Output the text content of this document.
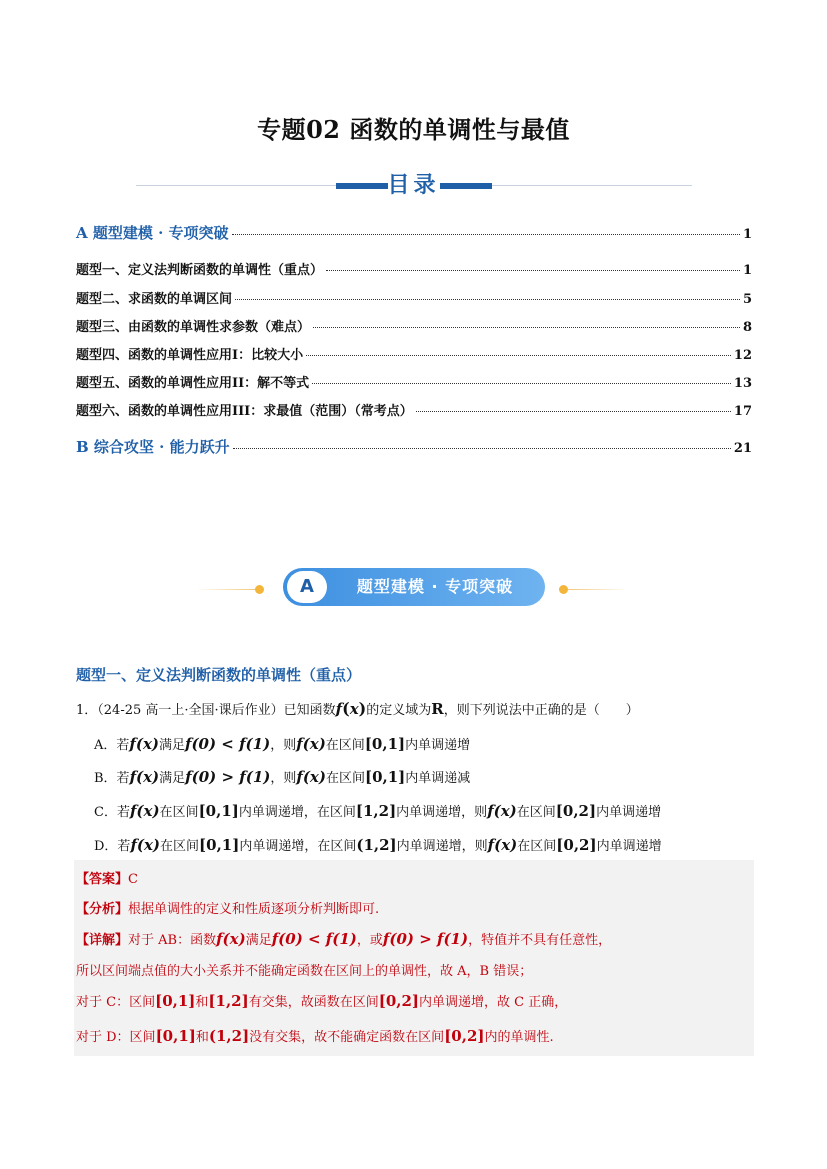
专题02 函数的单调性与最值
目录
A 题型建模 · 专项突破	1
题型一、定义法判断函数的单调性（重点）	1
题型二、求函数的单调区间	5
题型三、由函数的单调性求参数（难点）	8
题型四、函数的单调性应用I：比较大小	12
题型五、函数的单调性应用II：解不等式	13
题型六、函数的单调性应用III：求最值（范围）（常考点）	17
B 综合攻坚 · 能力跃升	21
A	题型建模 · 专项突破
题型一、定义法判断函数的单调性（重点）
1．（24-25 高一上·全国·课后作业）已知函数f(x)的定义域为R，则下列说法中正确的是（　　）
A．若f(x)满足f(0) < f(1)，则f(x)在区间[0,1]内单调递增
B．若f(x)满足f(0) > f(1)，则f(x)在区间[0,1]内单调递减
C．若f(x)在区间[0,1]内单调递增，在区间[1,2]内单调递增，则f(x)在区间[0,2]内单调递增
D．若f(x)在区间[0,1]内单调递增，在区间(1,2]内单调递增，则f(x)在区间[0,2]内单调递增
【答案】C
【分析】根据单调性的定义和性质逐项分析判断即可.
【详解】对于 AB：函数f(x)满足f(0) < f(1)，或f(0) > f(1)，特值并不具有任意性，
所以区间端点值的大小关系并不能确定函数在区间上的单调性，故 A，B 错误；
对于 C：区间[0,1]和[1,2]有交集，故函数在区间[0,2]内单调递增，故 C 正确，
对于 D：区间[0,1]和(1,2]没有交集，故不能确定函数在区间[0,2]内的单调性.
